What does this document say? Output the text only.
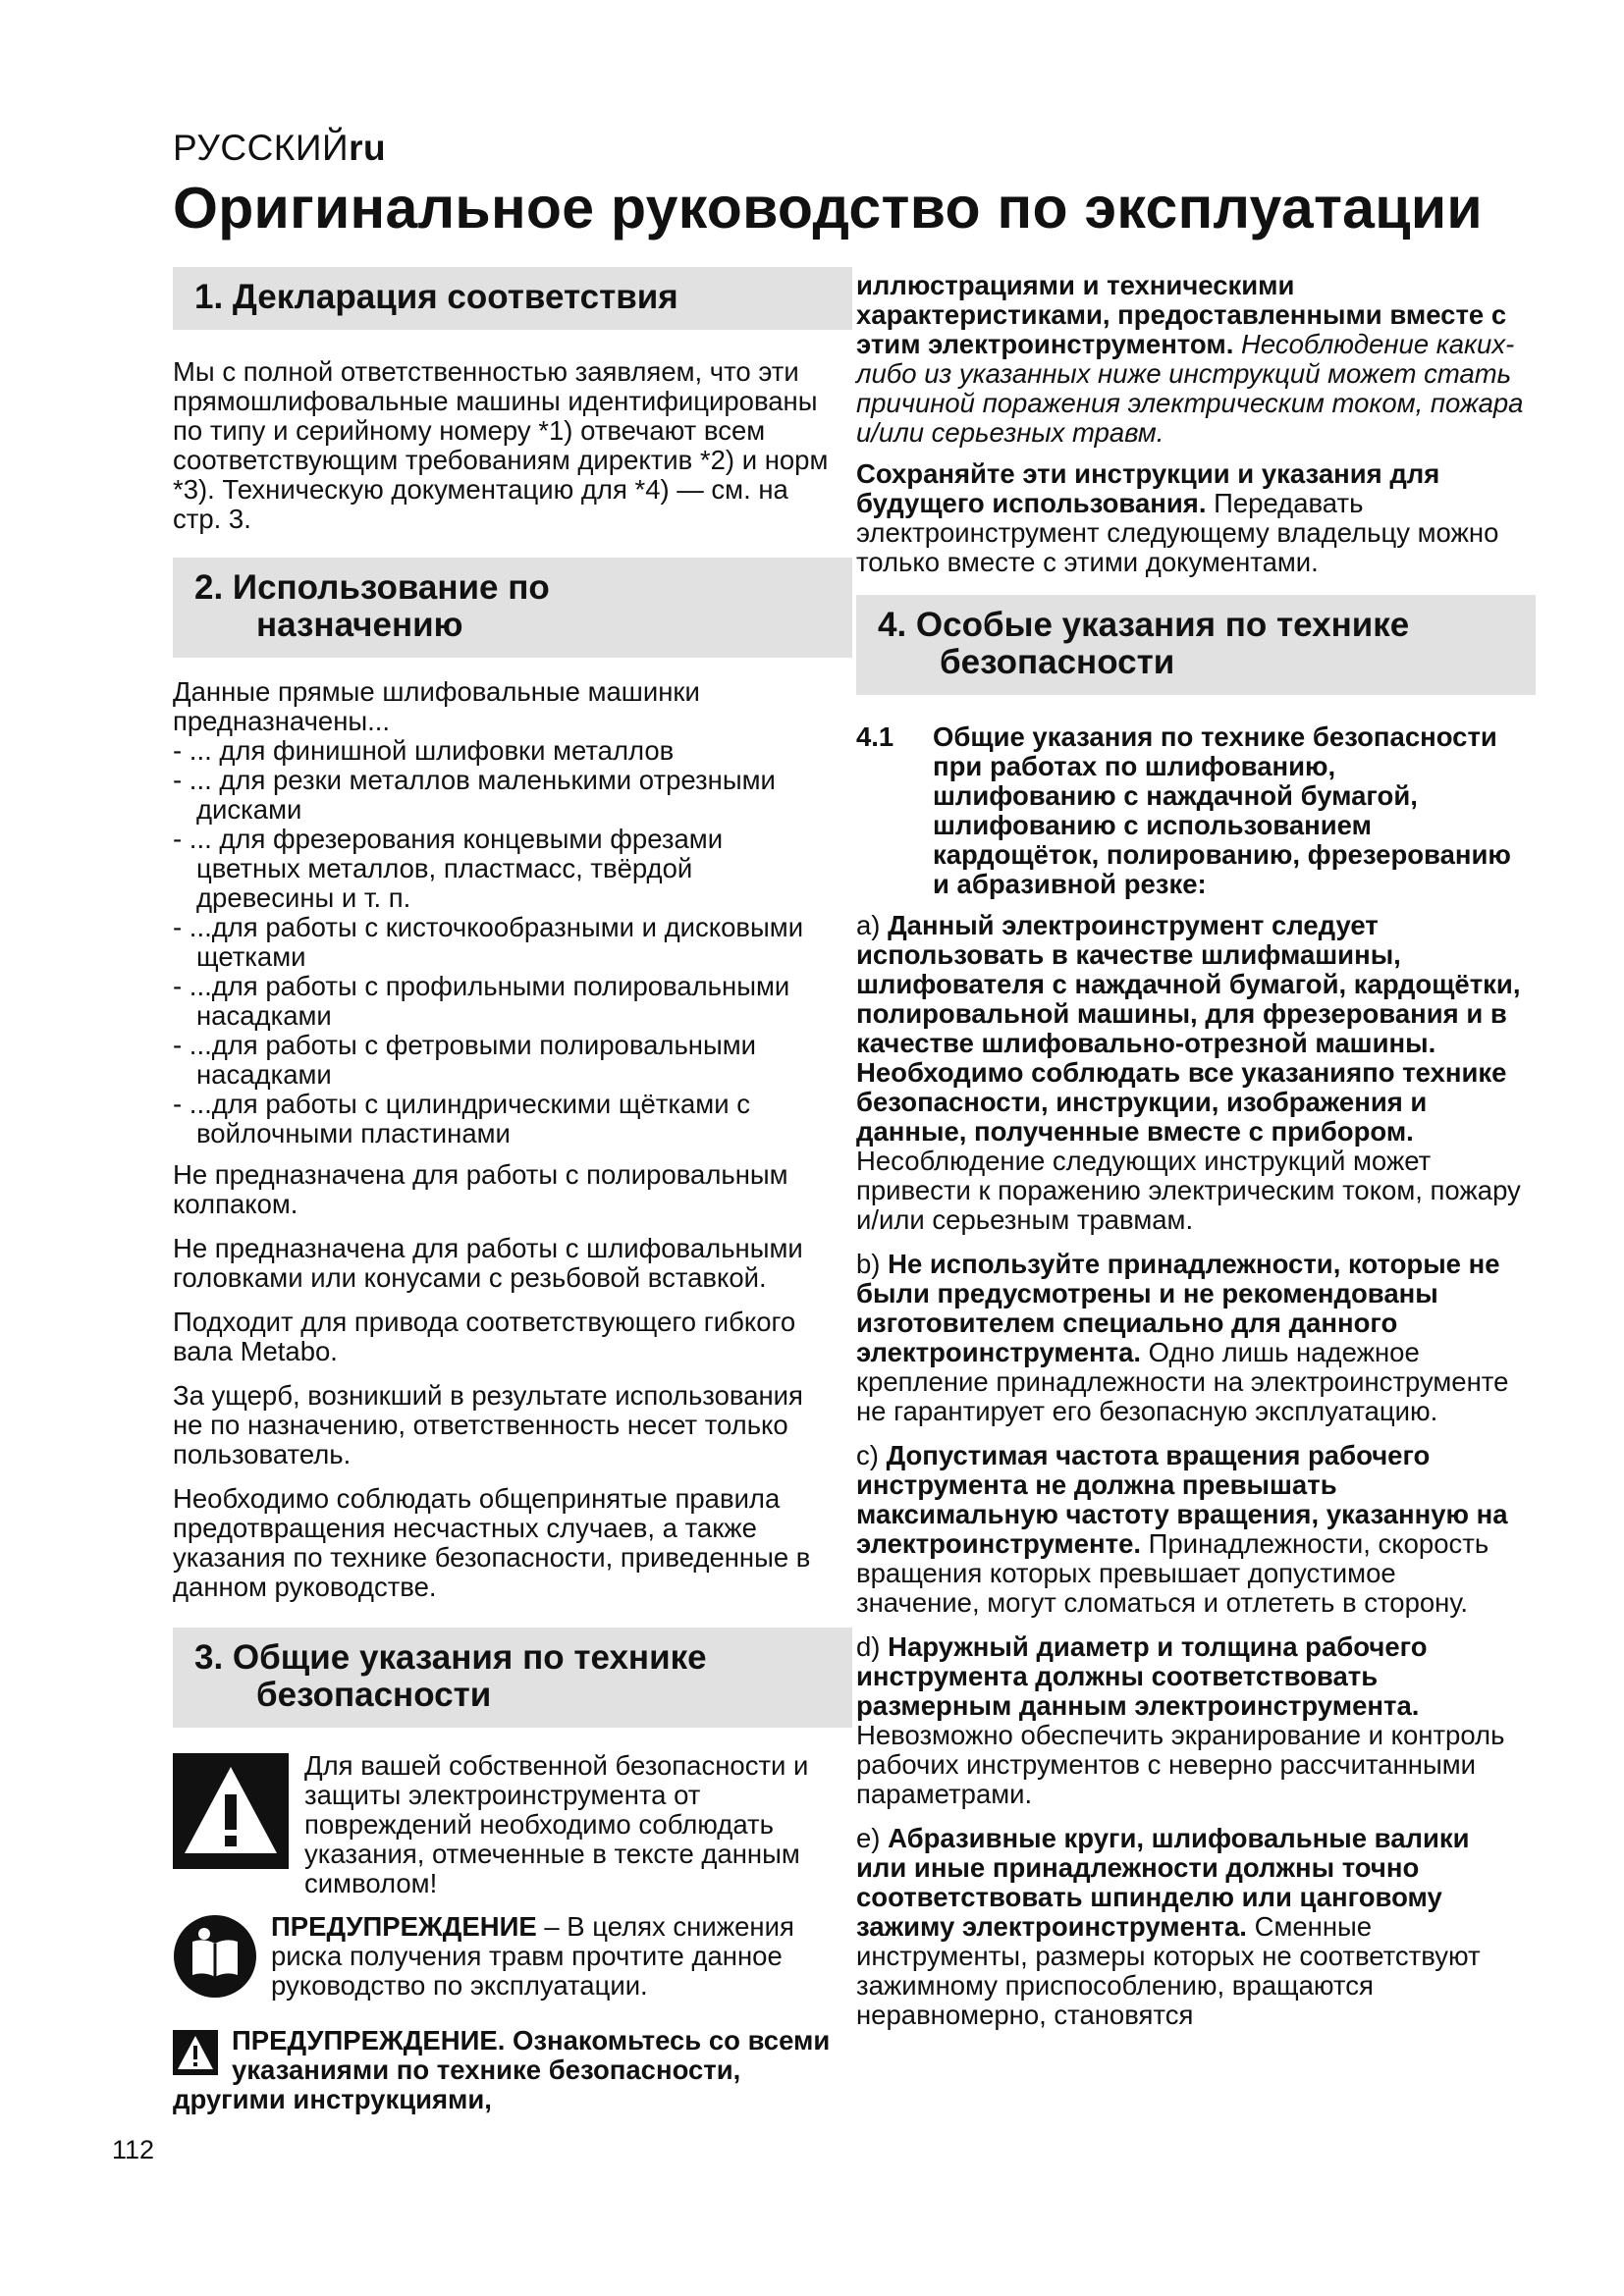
РУССКИЙru
Оригинальное руководство по эксплуатации
1. Декларация соответствия

Мы с полной ответственностью заявляем, что эти прямошлифовальные машины идентифицированы по типу и серийному номеру *1) отвечают всем соответствующим требованиям директив *2) и норм *3). Техническую документацию для *4) — см. на стр. 3.

2. Использование по
назначению

Данные прямые шлифовальные машинки предназначены...

- ... для финишной шлифовки металлов
- ... для резки металлов маленькими отрезными дисками
- ... для фрезерования концевыми фрезами цветных металлов, пластмасс, твёрдой древесины и т. п.
- ...для работы с кисточкообразными и дисковыми щетками
- ...для работы с профильными полировальными насадками
- ...для работы с фетровыми полировальными насадками
- ...для работы с цилиндрическими щётками с войлочными пластинами

Не предназначена для работы с полировальным колпаком.

Не предназначена для работы с шлифовальными головками или конусами с резьбовой вставкой.

Подходит для привода соответствующего гибкого вала Metabo.

За ущерб, возникший в результате использования не по назначению, ответственность несет только пользователь.

Необходимо соблюдать общепринятые правила предотвращения несчастных случаев, а также указания по технике безопасности, приведенные в данном руководстве.

3. Общие указания по технике
безопасности
Для вашей собственной безопасности и защиты электроинструмента от повреждений необходимо соблюдать указания, отмеченные в тексте данным символом!
ПРЕДУПРЕЖДЕНИЕ – В целях снижения риска получения травм прочтите данное руководство по эксплуатации.
ПРЕДУПРЕЖДЕНИЕ. Ознакомьтесь со всеми указаниями по технике безопасности, другими инструкциями,
112

иллюстрациями и техническими характеристиками, предоставленными вместе с этим электроинструментом. Несоблюдение каких-либо из указанных ниже инструкций может стать причиной поражения электрическим током, пожара и/или серьезных травм.

Сохраняйте эти инструкции и указания для будущего использования. Передавать электроинструмент следующему владельцу можно только вместе с этими документами.

4. Особые указания по технике
безопасности
4.1	Общие указания по технике безопасности при работах по шлифованию, шлифованию с наждачной бумагой, шлифованию с использованием кардощёток, полированию, фрезерованию и абразивной резке:

a) Данный электроинструмент следует использовать в качестве шлифмашины, шлифователя с наждачной бумагой, кардощётки, полировальной машины, для фрезерования и в качестве шлифовально-отрезной машины. Необходимо соблюдать все указанияпо технике безопасности, инструкции, изображения и данные, полученные вместе с прибором. Несоблюдение следующих инструкций может привести к поражению электрическим током, пожару и/или серьезным травмам.

b) Не используйте принадлежности, которые не были предусмотрены и не рекомендованы изготовителем специально для данного электроинструмента. Одно лишь надежное крепление принадлежности на электроинструменте не гарантирует его безопасную эксплуатацию.

c) Допустимая частота вращения рабочего инструмента не должна превышать максимальную частоту вращения, указанную на электроинструменте. Принадлежности, скорость вращения которых превышает допустимое значение, могут сломаться и отлететь в сторону.

d) Наружный диаметр и толщина рабочего инструмента должны соответствовать размерным данным электроинструмента. Невозможно обеспечить экранирование и контроль рабочих инструментов с неверно рассчитанными параметрами.

e) Абразивные круги, шлифовальные валики или иные принадлежности должны точно соответствовать шпинделю или цанговому зажиму электроинструмента. Сменные инструменты, размеры которых не соответствуют зажимному приспособлению, вращаются неравномерно, становятся
